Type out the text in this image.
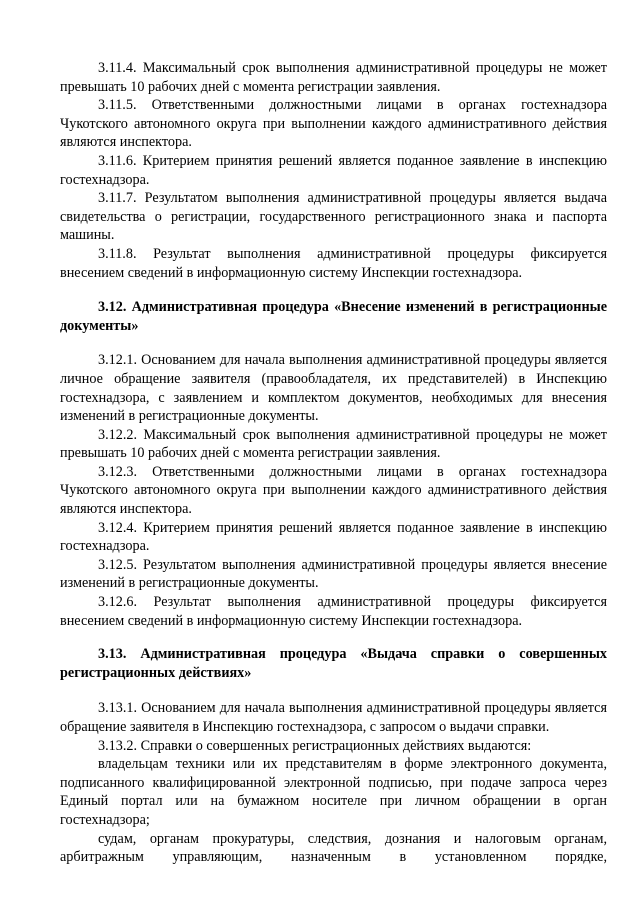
3.11.4. Максимальный срок выполнения административной процедуры не может превышать 10 рабочих дней с момента регистрации заявления.

3.11.5. Ответственными должностными лицами в органах гостехнадзора Чукотского автономного округа при выполнении каждого административного действия являются инспектора.

3.11.6. Критерием принятия решений является поданное заявление в инспекцию гостехнадзора.

3.11.7. Результатом выполнения административной процедуры является выдача свидетельства о регистрации, государственного регистрационного знака и паспорта машины.

3.11.8. Результат выполнения административной процедуры фиксируется внесением сведений в информационную систему Инспекции гостехнадзора.

3.12. Административная процедура «Внесение изменений в регистрационные документы»

3.12.1. Основанием для начала выполнения административной процедуры является личное обращение заявителя (правообладателя, их представителей) в Инспекцию гостехнадзора, с заявлением и комплектом документов, необходимых для внесения изменений в регистрационные документы.

3.12.2. Максимальный срок выполнения административной процедуры не может превышать 10 рабочих дней с момента регистрации заявления.

3.12.3. Ответственными должностными лицами в органах гостехнадзора Чукотского автономного округа при выполнении каждого административного действия являются инспектора.

3.12.4. Критерием принятия решений является поданное заявление в инспекцию гостехнадзора.

3.12.5. Результатом выполнения административной процедуры является внесение изменений в регистрационные документы.

3.12.6. Результат выполнения административной процедуры фиксируется внесением сведений в информационную систему Инспекции гостехнадзора.

3.13. Административная процедура «Выдача справки о совершенных регистрационных действиях»

3.13.1. Основанием для начала выполнения административной процедуры является обращение заявителя в Инспекцию гостехнадзора, с запросом о выдачи справки.

3.13.2. Справки о совершенных регистрационных действиях выдаются:

владельцам техники или их представителям в форме электронного документа, подписанного квалифицированной электронной подписью, при подаче запроса через Единый портал или на бумажном носителе при личном обращении в орган гостехнадзора;

судам, органам прокуратуры, следствия, дознания и налоговым органам, арбитражным управляющим, назначенным в установленном порядке,
